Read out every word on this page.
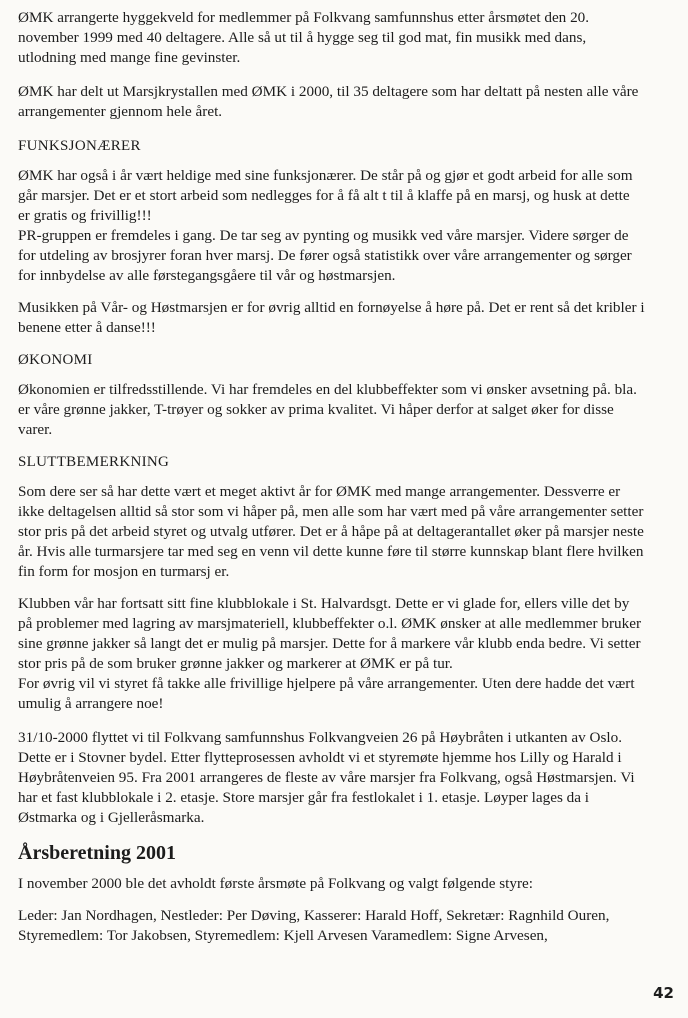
ØMK arrangerte hyggekveld for medlemmer på Folkvang samfunnshus etter årsmøtet den 20.
november 1999 med 40 deltagere. Alle så ut til å hygge seg til god mat, fin musikk med dans,
utlodning med mange fine gevinster.

ØMK har delt ut Marsjkrystallen med ØMK i 2000, til 35 deltagere som har deltatt på nesten alle våre
arrangementer gjennom hele året.

FUNKSJONÆRER

ØMK har også i år vært heldige med sine funksjonærer. De står på og gjør et godt arbeid for alle som
går marsjer. Det er et stort arbeid som nedlegges for å få alt t til å klaffe på en marsj, og husk at dette
er gratis og frivillig!!!

PR-gruppen er fremdeles i gang. De tar seg av pynting og musikk ved våre marsjer. Videre sørger de
for utdeling av brosjyrer foran hver marsj. De fører også statistikk over våre arrangementer og sørger
for innbydelse av alle førstegangsgåere til vår og høstmarsjen.

Musikken på Vår- og Høstmarsjen er for øvrig alltid en fornøyelse å høre på. Det er rent så det kribler i
benene etter å danse!!!

ØKONOMI

Økonomien er tilfredsstillende. Vi har fremdeles en del klubbeffekter som vi ønsker avsetning på. bla.
er våre grønne jakker, T-trøyer og sokker av prima kvalitet. Vi håper derfor at salget øker for disse
varer.

SLUTTBEMERKNING

Som dere ser så har dette vært et meget aktivt år for ØMK med mange arrangementer. Dessverre er
ikke deltagelsen alltid så stor som vi håper på, men alle som har vært med på våre arrangementer setter
stor pris på det arbeid styret og utvalg utfører. Det er å håpe på at deltagerantallet øker på marsjer neste
år. Hvis alle turmarsjere tar med seg en venn vil dette kunne føre til større kunnskap blant flere hvilken
fin form for mosjon en turmarsj er.

Klubben vår har fortsatt sitt fine klubblokale i St. Halvardsgt. Dette er vi glade for, ellers ville det by
på problemer med lagring av marsjmateriell, klubbeffekter o.l. ØMK ønsker at alle medlemmer bruker
sine grønne jakker så langt det er mulig på marsjer. Dette for å markere vår klubb enda bedre. Vi setter
stor pris på de som bruker grønne jakker og markerer at ØMK er på tur.

For øvrig vil vi styret få takke alle frivillige hjelpere på våre arrangementer. Uten dere hadde det vært
umulig å arrangere noe!

31/10-2000 flyttet vi til Folkvang samfunnshus Folkvangveien 26 på Høybråten i utkanten av Oslo.
Dette er i Stovner bydel. Etter flytteprosessen avholdt vi et styremøte hjemme hos Lilly og Harald i
Høybråtenveien 95. Fra 2001 arrangeres de fleste av våre marsjer fra Folkvang, også Høstmarsjen. Vi
har et fast klubblokale i 2. etasje. Store marsjer går fra festlokalet i 1. etasje. Løyper lages da i
Østmarka og i Gjelleråsmarka.

Årsberetning 2001

I november 2000 ble det avholdt første årsmøte på Folkvang og valgt følgende styre:

Leder: Jan Nordhagen, Nestleder: Per Døving, Kasserer: Harald Hoff, Sekretær: Ragnhild Ouren,
Styremedlem: Tor Jakobsen, Styremedlem: Kjell Arvesen Varamedlem: Signe Arvesen,

42
